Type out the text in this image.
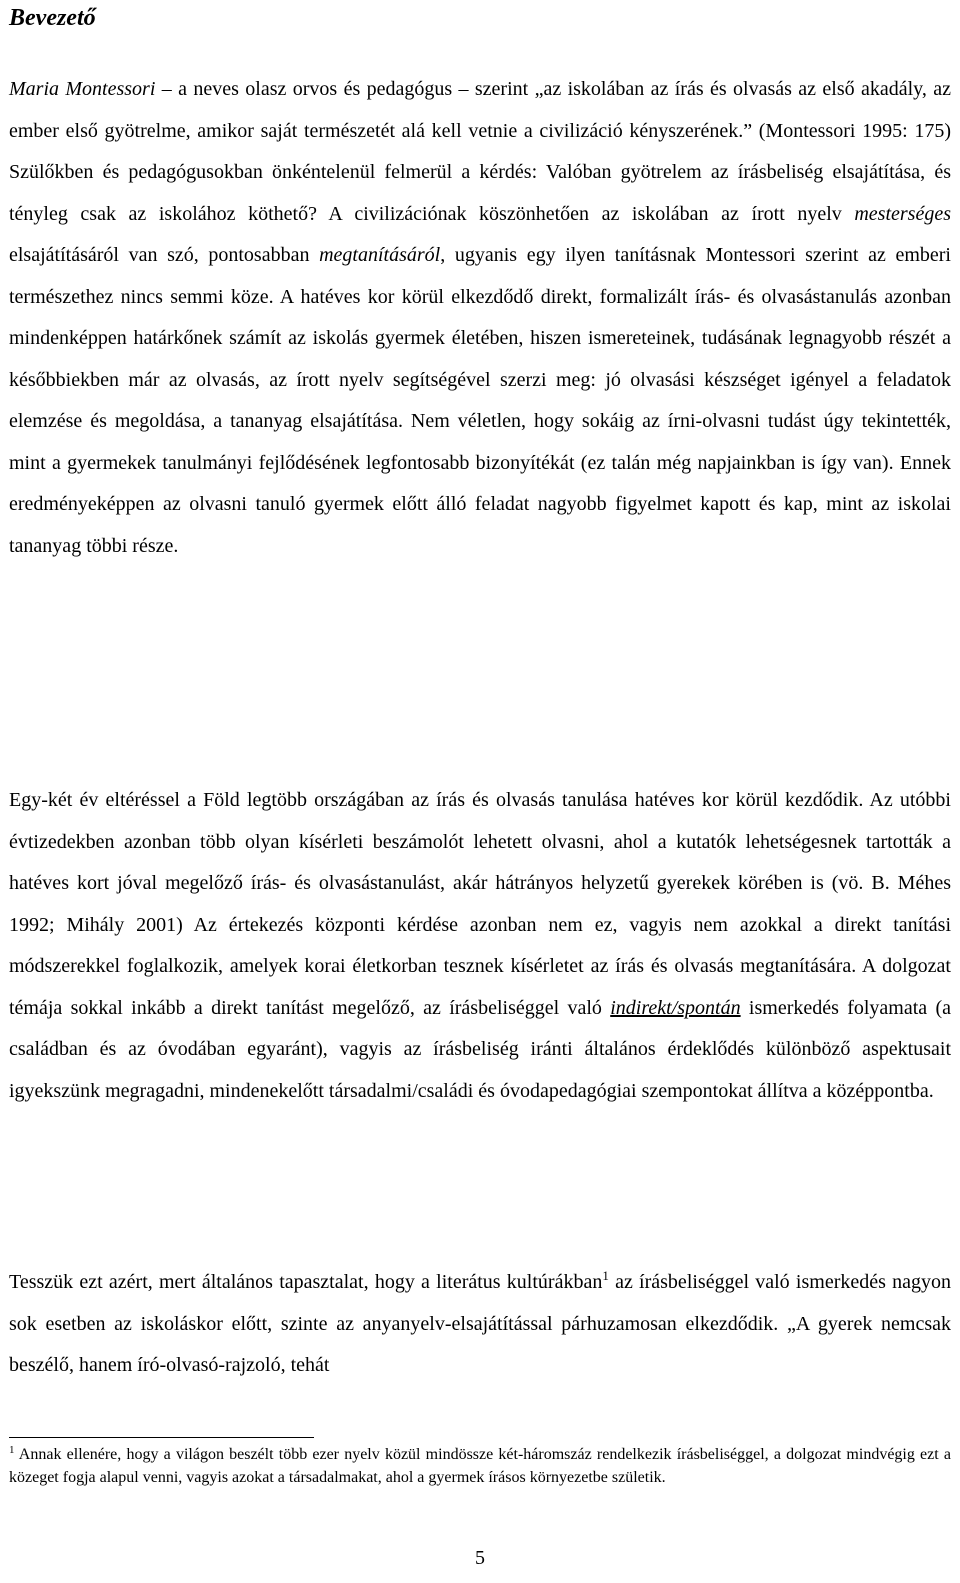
Bevezető

Maria Montessori – a neves olasz orvos és pedagógus – szerint „az iskolában az írás és olvasás az első akadály, az ember első gyötrelme, amikor saját természetét alá kell vetnie a civilizáció kényszerének.” (Montessori 1995: 175) Szülőkben és pedagógusokban önkéntelenül felmerül a kérdés: Valóban gyötrelem az írásbeliség elsajátítása, és tényleg csak az iskolához köthető? A civilizációnak köszönhetően az iskolában az írott nyelv mesterséges elsajátításáról van szó, pontosabban megtanításáról, ugyanis egy ilyen tanításnak Montessori szerint az emberi természethez nincs semmi köze. A hatéves kor körül elkezdődő direkt, formalizált írás- és olvasástanulás azonban mindenképpen határkőnek számít az iskolás gyermek életében, hiszen ismereteinek, tudásának legnagyobb részét a későbbiekben már az olvasás, az írott nyelv segítségével szerzi meg: jó olvasási készséget igényel a feladatok elemzése és megoldása, a tananyag elsajátítása. Nem véletlen, hogy sokáig az írni-olvasni tudást úgy tekintették, mint a gyermekek tanulmányi fejlődésének legfontosabb bizonyítékát (ez talán még napjainkban is így van). Ennek eredményeképpen az olvasni tanuló gyermek előtt álló feladat nagyobb figyelmet kapott és kap, mint az iskolai tananyag többi része.

Egy-két év eltéréssel a Föld legtöbb országában az írás és olvasás tanulása hatéves kor körül kezdődik. Az utóbbi évtizedekben azonban több olyan kísérleti beszámolót lehetett olvasni, ahol a kutatók lehetségesnek tartották a hatéves kort jóval megelőző írás- és olvasástanulást, akár hátrányos helyzetű gyerekek körében is (vö. B. Méhes 1992; Mihály 2001) Az értekezés központi kérdése azonban nem ez, vagyis nem azokkal a direkt tanítási módszerekkel foglalkozik, amelyek korai életkorban tesznek kísérletet az írás és olvasás megtanítására. A dolgozat témája sokkal inkább a direkt tanítást megelőző, az írásbeliséggel való indirekt/spontán ismerkedés folyamata (a családban és az óvodában egyaránt), vagyis az írásbeliség iránti általános érdeklődés különböző aspektusait igyekszünk megragadni, mindenekelőtt társadalmi/családi és óvodapedagógiai szempontokat állítva a középpontba.

Tesszük ezt azért, mert általános tapasztalat, hogy a literátus kultúrákban$^1$ az írásbeliséggel való ismerkedés nagyon sok esetben az iskoláskor előtt, szinte az anyanyelv-elsajátítással párhuzamosan elkezdődik. „A gyerek nemcsak beszélő, hanem író-olvasó-rajzoló, tehát

$^1$ Annak ellenére, hogy a világon beszélt több ezer nyelv közül mindössze két-háromszáz rendelkezik írásbeliséggel, a dolgozat mindvégig ezt a közeget fogja alapul venni, vagyis azokat a társadalmakat, ahol a gyermek írásos környezetbe születik.

5
